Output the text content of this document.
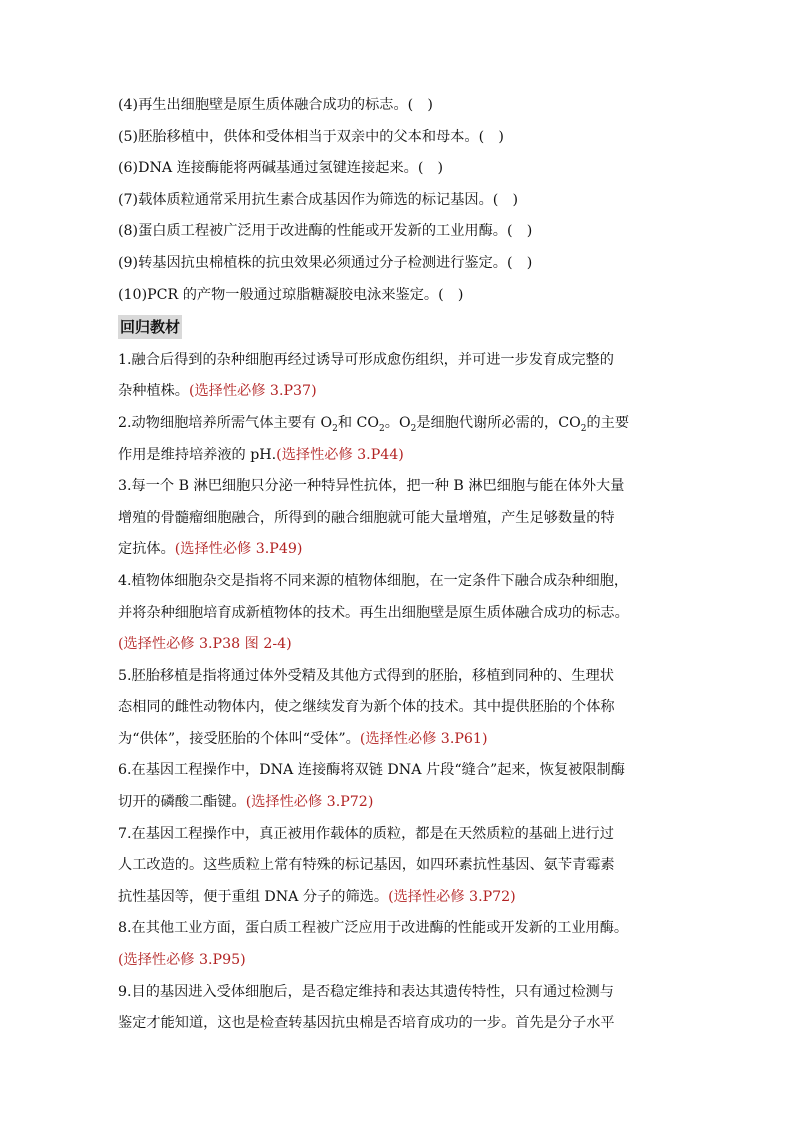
(4)再生出细胞壁是原生质体融合成功的标志。(　)
(5)胚胎移植中，供体和受体相当于双亲中的父本和母本。(　)
(6)DNA 连接酶能将两碱基通过氢键连接起来。(　)
(7)载体质粒通常采用抗生素合成基因作为筛选的标记基因。(　)
(8)蛋白质工程被广泛用于改进酶的性能或开发新的工业用酶。(　)
(9)转基因抗虫棉植株的抗虫效果必须通过分子检测进行鉴定。(　)
(10)PCR 的产物一般通过琼脂糖凝胶电泳来鉴定。(　)
回归教材
1.融合后得到的杂种细胞再经过诱导可形成愈伤组织，并可进一步发育成完整的
杂种植株。(选择性必修 3.P37)
2.动物细胞培养所需气体主要有 $O_2$和 $CO_2$。$O_2$是细胞代谢所必需的，$CO_2$的主要
作用是维持培养液的 pH.(选择性必修 3.P44)
3.每一个 B 淋巴细胞只分泌一种特异性抗体，把一种 B 淋巴细胞与能在体外大量
增殖的骨髓瘤细胞融合，所得到的融合细胞就可能大量增殖，产生足够数量的特
定抗体。(选择性必修 3.P49)
4.植物体细胞杂交是指将不同来源的植物体细胞，在一定条件下融合成杂种细胞，
并将杂种细胞培育成新植物体的技术。再生出细胞壁是原生质体融合成功的标志。
(选择性必修 3.P38 图 2-4)
5.胚胎移植是指将通过体外受精及其他方式得到的胚胎，移植到同种的、生理状
态相同的雌性动物体内，使之继续发育为新个体的技术。其中提供胚胎的个体称
为“供体”，接受胚胎的个体叫“受体”。(选择性必修 3.P61)
6.在基因工程操作中，DNA 连接酶将双链 DNA 片段“缝合”起来，恢复被限制酶
切开的磷酸二酯键。(选择性必修 3.P72)
7.在基因工程操作中，真正被用作载体的质粒，都是在天然质粒的基础上进行过
人工改造的。这些质粒上常有特殊的标记基因，如四环素抗性基因、氨苄青霉素
抗性基因等，便于重组 DNA 分子的筛选。(选择性必修 3.P72)
8.在其他工业方面，蛋白质工程被广泛应用于改进酶的性能或开发新的工业用酶。
(选择性必修 3.P95)
9.目的基因进入受体细胞后，是否稳定维持和表达其遗传特性，只有通过检测与
鉴定才能知道，这也是检查转基因抗虫棉是否培育成功的一步。首先是分子水平
